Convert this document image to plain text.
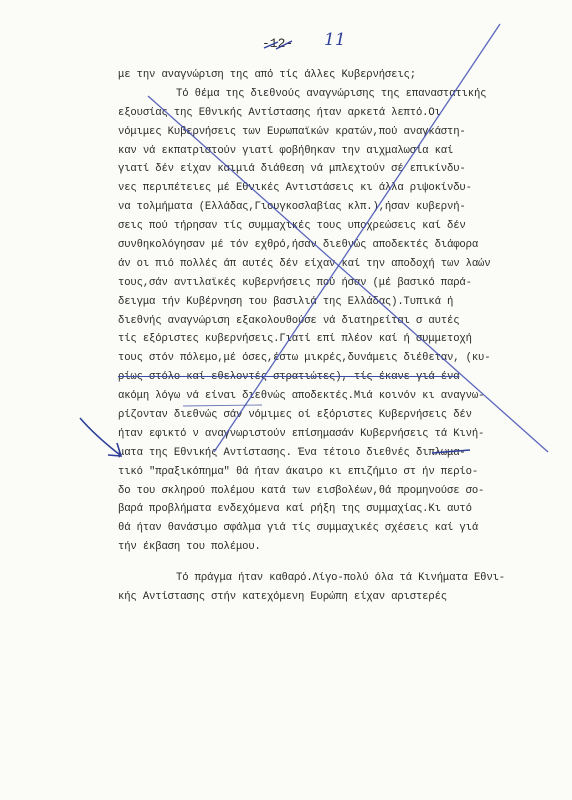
-12- 11
με την αναγνώριση της από τίς άλλες Κυβερνήσεις;
Τό θέμα της διεθνούς αναγνώρισης της επαναστατικής
εξουσίας της Εθνικής Αντίστασης ήταν αρκετά λεπτό.Οι
νόμιμες Κυβερνήσεις των Ευρωπαϊκών κρατών,πού αναγκάστη-
καν νά εκπατριστούν γιατί φοβήθηκαν την αιχμαλωσία καί
γιατί δέν είχαν καιμιά διάθεση νά μπλεχτούν σέ επικίνδυ-
νες περιπέτειες μέ Εθνικές Αντιστάσεις κι άλλα ριψοκίνδυ-
να τολμήματα (Ελλάδας,Γιουγκοσλαβίας κλπ.),ήσαν κυβερνή-
σεις πού τήρησαν τίς συμμαχικές τους υποχρεώσεις καί δέν
συνθηκολόγησαν μέ τόν εχθρό,ήσαν διεθνώς αποδεκτές διάφορα
άν οι πιό πολλές άπ αυτές δέν είχαν καί την αποδοχή των λαών
τους,σάν αντιλαϊκές κυβερνήσεις πού ήσαν (μέ βασικό παρά-
δειγμα τήν Κυβέρνηση του βασιλιά της Ελλάδας).Τυπικά ή
διεθνής αναγνώριση εξακολουθούσε νά διατηρείται σ αυτές
τίς εξόριστες κυβερνήσεις.Γιατί επί πλέον καί ή συμμετοχή
τους στόν πόλεμο,μέ όσες,έστω μικρές,δυνάμεις διέθεταν, (κυ-
ρίως στόλο καί εθελοντές στρατιώτες), τίς έκανε γιά ένα
ακόμη λόγω νά είναι διεθνώς αποδεκτές.Μιά κοινόν κι αναγνω-
ρίζονταν διεθνώς σάν νόμιμες οί εξόριστες Κυβερνήσεις δέν
ήταν εφικτό ν αναγνωριστούν επίσημασάν Κυβερνήσεις τά Κινή-
ματα της Εθνικής Αντίστασης. Ένα τέτοιο διεθνές διπλωμα-
τικό "πραξικόπημα" θά ήταν άκαιρο κι επιζήμιο στ ήν περίο-
δο του σκληρού πολέμου κατά των εισβολέων,θά προμηνούσε σο-
βαρά προβλήματα ενδεχόμενα καί ρήξη της συμμαχίας.Κι αυτό
θά ήταν θανάσιμο σφάλμα γιά τίς συμμαχικές σχέσεις καί γιά
τήν έκβαση του πολέμου.
Τό πράγμα ήταν καθαρό.Λίγο-πολύ όλα τά Κινήματα Εθνι-
κής Αντίστασης στήν κατεχόμενη Ευρώπη είχαν αριστερές
